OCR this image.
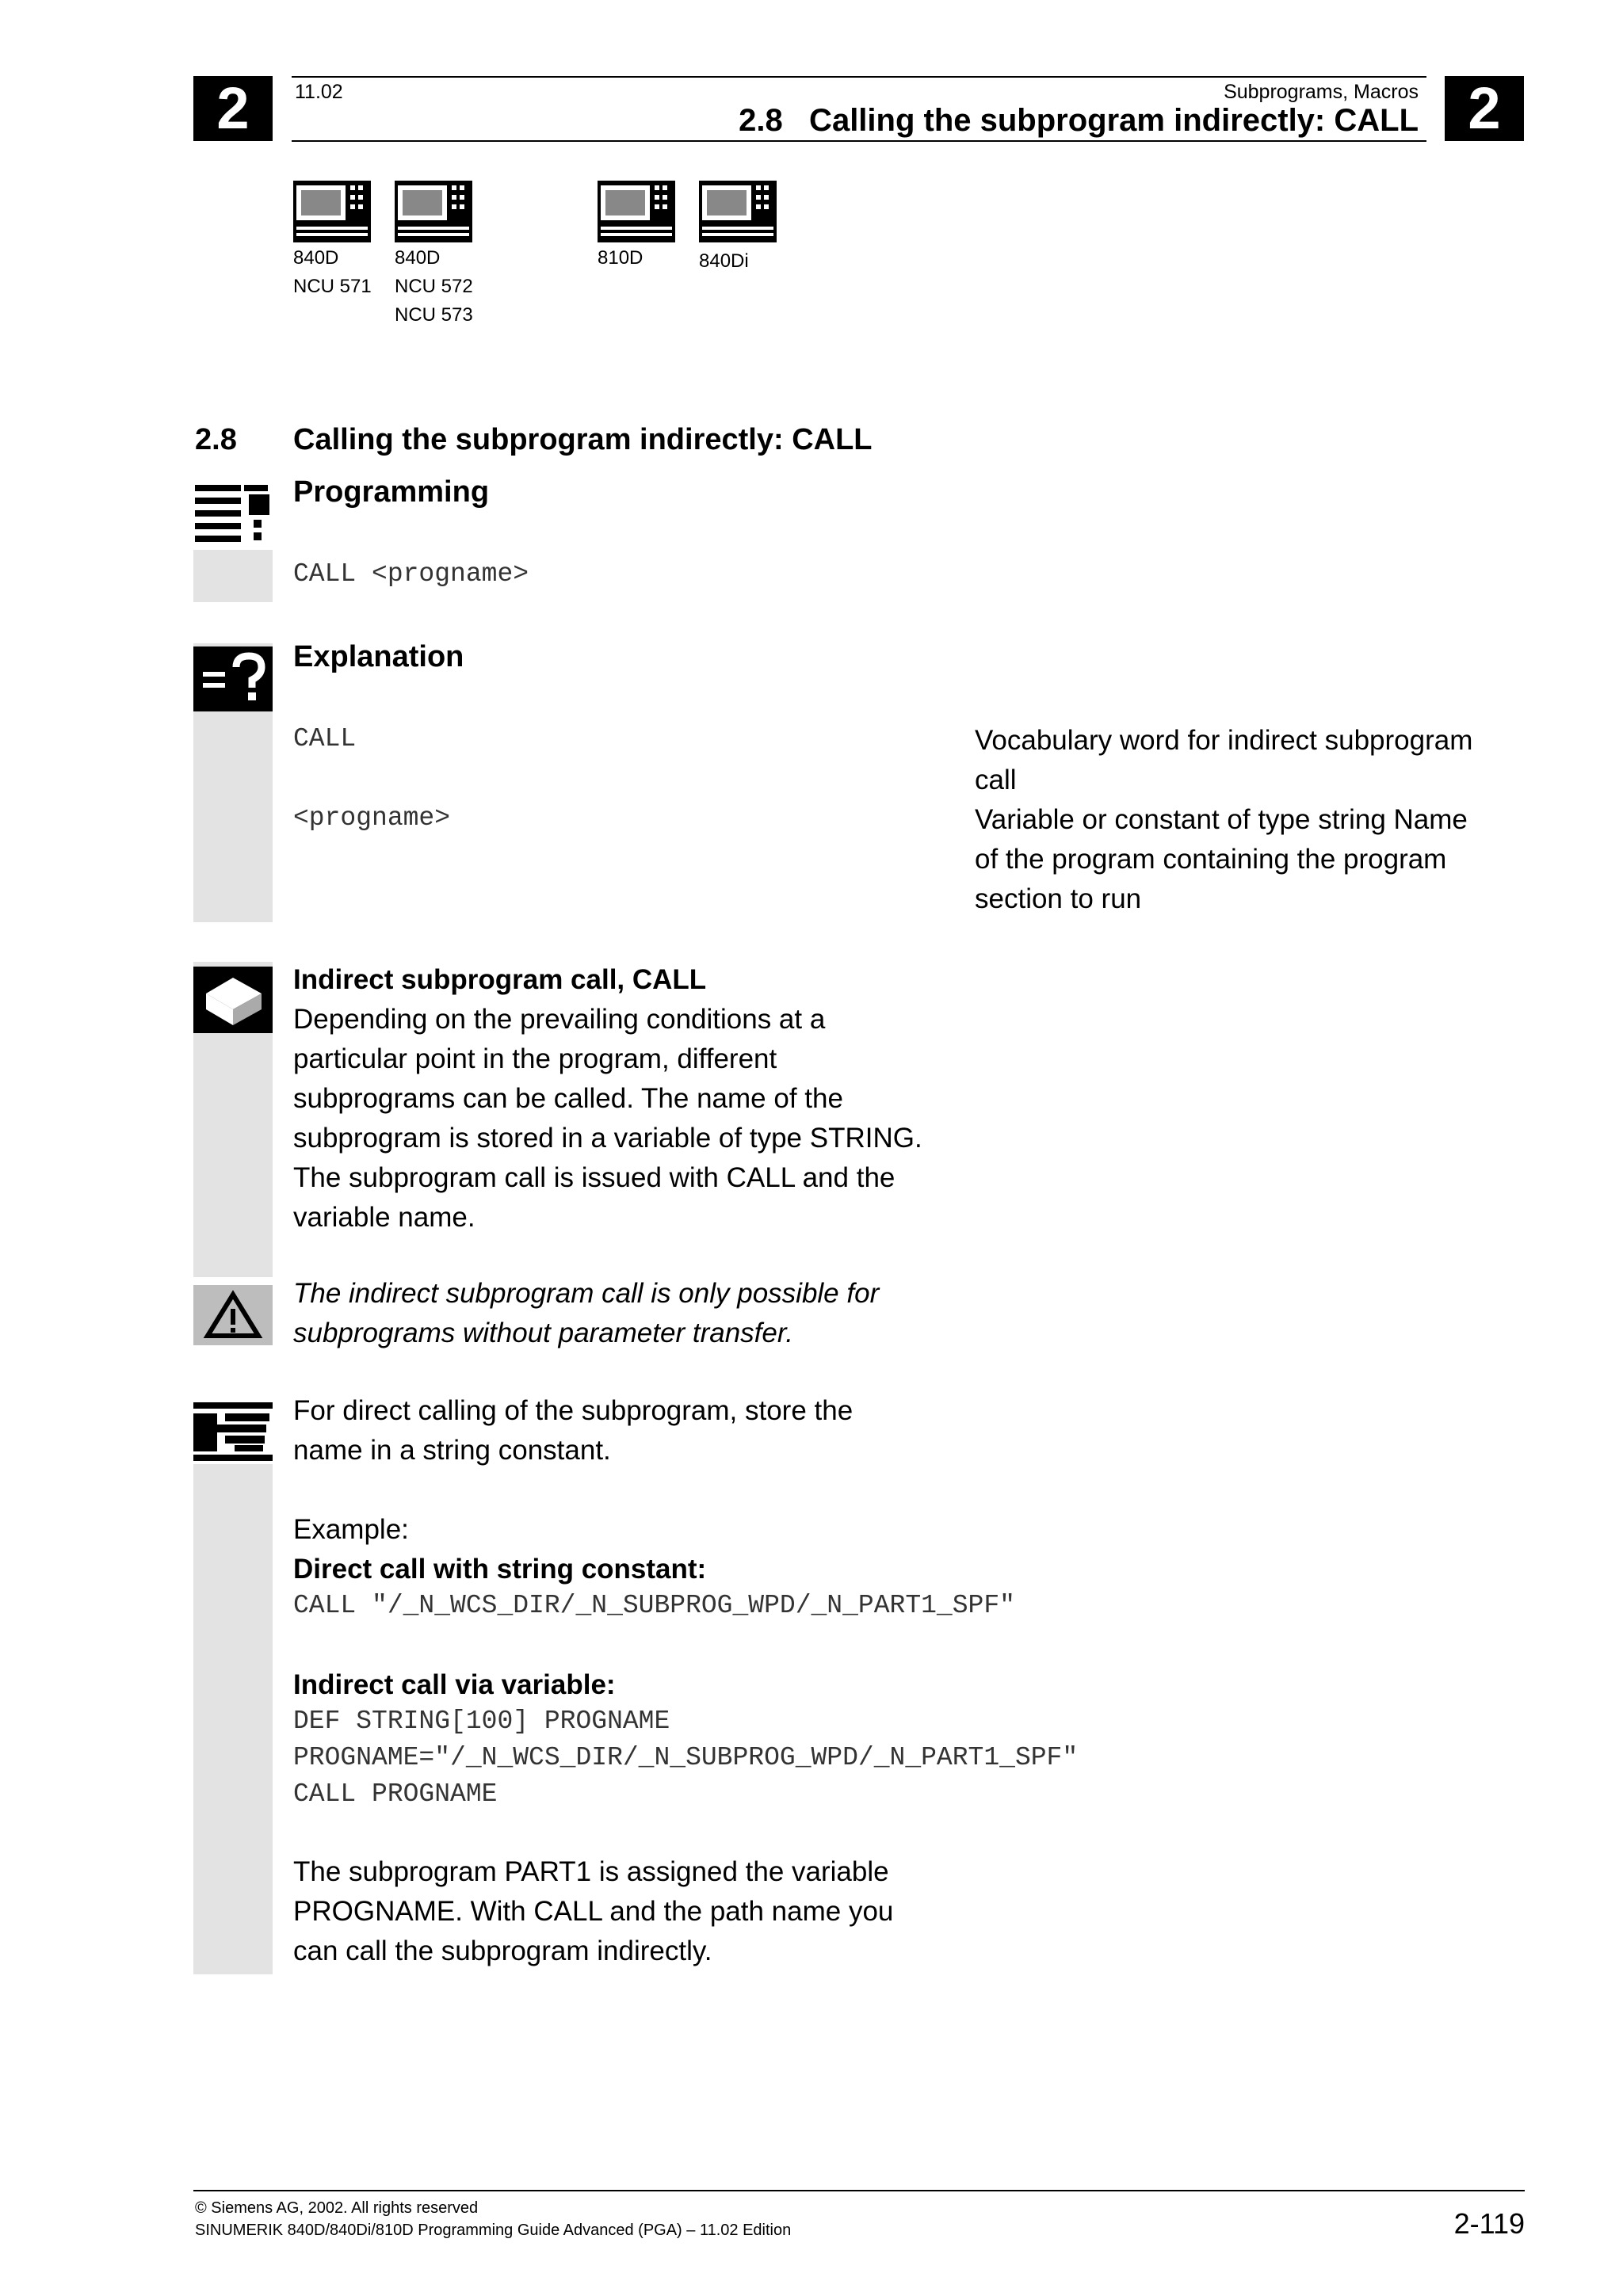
2	2
11.02	Subprograms, Macros
2.8   Calling the subprogram indirectly: CALL
840D
NCU 571
840D
NCU 572
NCU 573
810D	840Di
2.8 Calling the subprogram indirectly: CALL
Programming
CALL <progname>
Explanation
CALL	Vocabulary word for indirect subprogram call
<progname>	Variable or constant of type string Name of the program containing the program section to run
Indirect subprogram call, CALL
Depending on the prevailing conditions at a particular point in the program, different subprograms can be called. The name of the subprogram is stored in a variable of type STRING. The subprogram call is issued with CALL and the variable name.
The indirect subprogram call is only possible for subprograms without parameter transfer.
For direct calling of the subprogram, store the name in a string constant.
Example:
Direct call with string constant:
CALL "/_N_WCS_DIR/_N_SUBPROG_WPD/_N_PART1_SPF"
Indirect call via variable:
DEF STRING[100] PROGNAME
PROGNAME="/_N_WCS_DIR/_N_SUBPROG_WPD/_N_PART1_SPF"
CALL PROGNAME
The subprogram PART1 is assigned the variable PROGNAME. With CALL and the path name you can call the subprogram indirectly.
© Siemens AG, 2002. All rights reserved
SINUMERIK 840D/840Di/810D Programming Guide Advanced (PGA) – 11.02 Edition	2-119
